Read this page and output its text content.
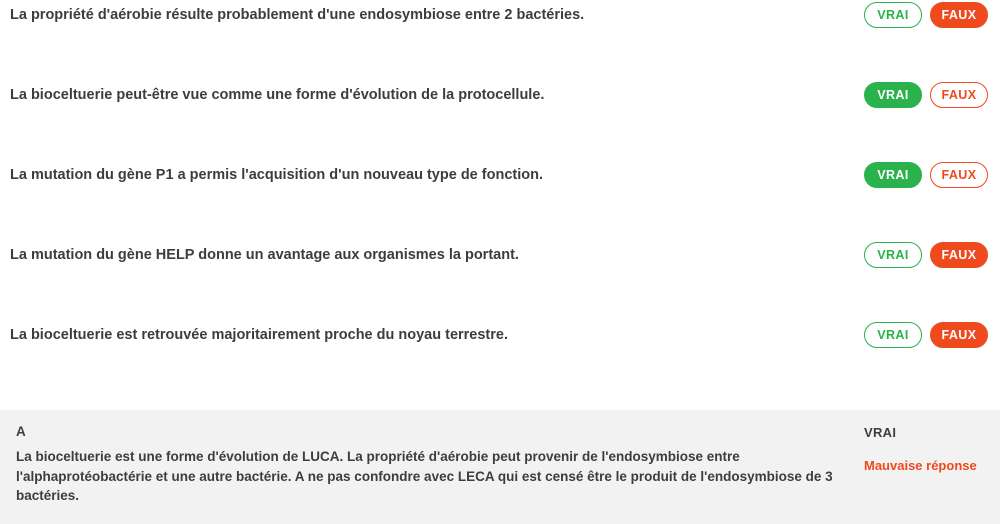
La propriété d'aérobie résulte probablement d'une endosymbiose entre 2 bactéries.	VRAI	FAUX
La bioceltuerie peut-être vue comme une forme d'évolution de la protocellule.	VRAI	FAUX
La mutation du gène P1 a permis l'acquisition d'un nouveau type de fonction.	VRAI	FAUX
La mutation du gène HELP donne un avantage aux organismes la portant.	VRAI	FAUX
La bioceltuerie est retrouvée majoritairement proche du noyau terrestre.	VRAI	FAUX
A
La bioceltuerie est une forme d'évolution de LUCA. La propriété d'aérobie peut provenir de l'endosymbiose entre l'alphaprotéobactérie et une autre bactérie. A ne pas confondre avec LECA qui est censé être le produit de l'endosymbiose de 3 bactéries.
VRAI
Mauvaise réponse
